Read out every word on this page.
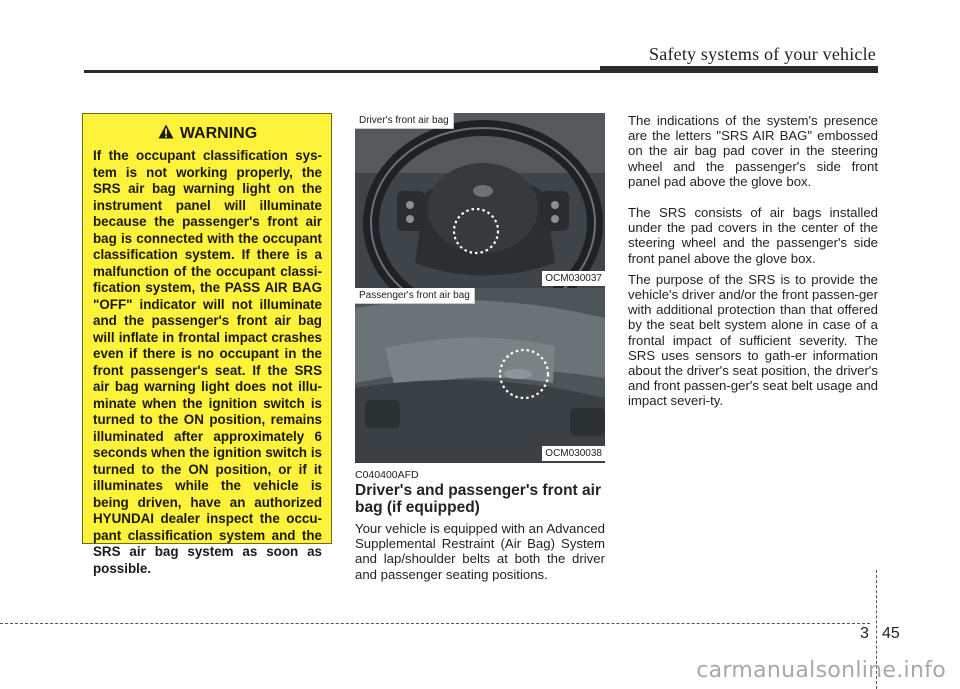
Safety systems of your vehicle
WARNING
If the occupant classification sys-tem is not working properly, the SRS air bag warning light on the instrument panel will illuminate because the passenger's front air bag is connected with the occupant classification system. If there is a malfunction of the occupant classi-fication system, the PASS AIR BAG "OFF" indicator will not illuminate and the passenger's front air bag will inflate in frontal impact crashes even if there is no occupant in the front passenger's seat. If the SRS air bag warning light does not illu-minate when the ignition switch is turned to the ON position, remains illuminated after approximately 6 seconds when the ignition switch is turned to the ON position, or if it illuminates while the vehicle is being driven, have an authorized HYUNDAI dealer inspect the occu-pant classification system and the SRS air bag system as soon as possible.
Driver's front air bag
OCM030037
Passenger's front air bag
OCM030038
C040400AFD
Driver's and passenger's front air bag (if equipped)
Your vehicle is equipped with an Advanced Supplemental Restraint (Air Bag) System and lap/shoulder belts at both the driver and passenger seating positions.

The indications of the system's presence are the letters "SRS AIR BAG" embossed on the air bag pad cover in the steering wheel and the passenger's side front panel pad above the glove box.

The SRS consists of air bags installed under the pad covers in the center of the steering wheel and the passenger's side front panel above the glove box.

The purpose of the SRS is to provide the vehicle's driver and/or the front passen-ger with additional protection than that offered by the seat belt system alone in case of a frontal impact of sufficient severity. The SRS uses sensors to gath-er information about the driver's seat position, the driver's and front passen-ger's seat belt usage and impact severi-ty.

3 45
carmanualsonline.info
